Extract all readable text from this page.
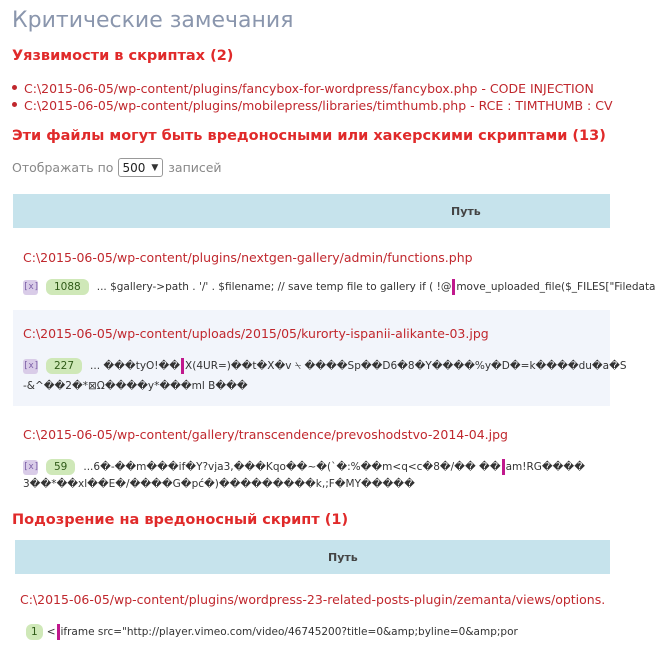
Критические замечания
Уязвимости в скриптах (2)
C:\2015-06-05/wp-content/plugins/fancybox-for-wordpress/fancybox.php - CODE INJECTION
C:\2015-06-05/wp-content/plugins/mobilepress/libraries/timthumb.php - RCE : TIMTHUMB : CV
Эти файлы могут быть вредоносными или хакерскими скриптами (13)
Отображать по 500 ▼ записей
Путь
C:\2015-06-05/wp-content/plugins/nextgen-gallery/admin/functions.php
[x]	1088	... $gallery->path . '/' . $filename; // save temp file to gallery if ( !@ move_uploaded_file($_FILES["Filedata
C:\2015-06-05/wp-content/uploads/2015/05/kurorty-ispanii-alikante-03.jpg
[x]	227	... ���tyO!�� X(4UR=)��t�X�v ⍀ ����Sp��D6�8�Y����%y�D�=k����du�a�S
-&^��2�*⊠Ω����y*���ml B���
C:\2015-06-05/wp-content/gallery/transcendence/prevoshodstvo-2014-04.jpg
[x]	59	...6�-��m���if�Y?vja3,���Kqo��~�(`�:%��m<q<c�8�/�� �� am!RG����
3��*��xl��E�/����G�pć�)���������k,;F�MY�����
Подозрение на вредоносный скрипт (1)
Путь
C:\2015-06-05/wp-content/plugins/wordpress-23-related-posts-plugin/zemanta/views/options.
1 < iframe src="http://player.vimeo.com/video/46745200?title=0&amp;byline=0&amp;por
